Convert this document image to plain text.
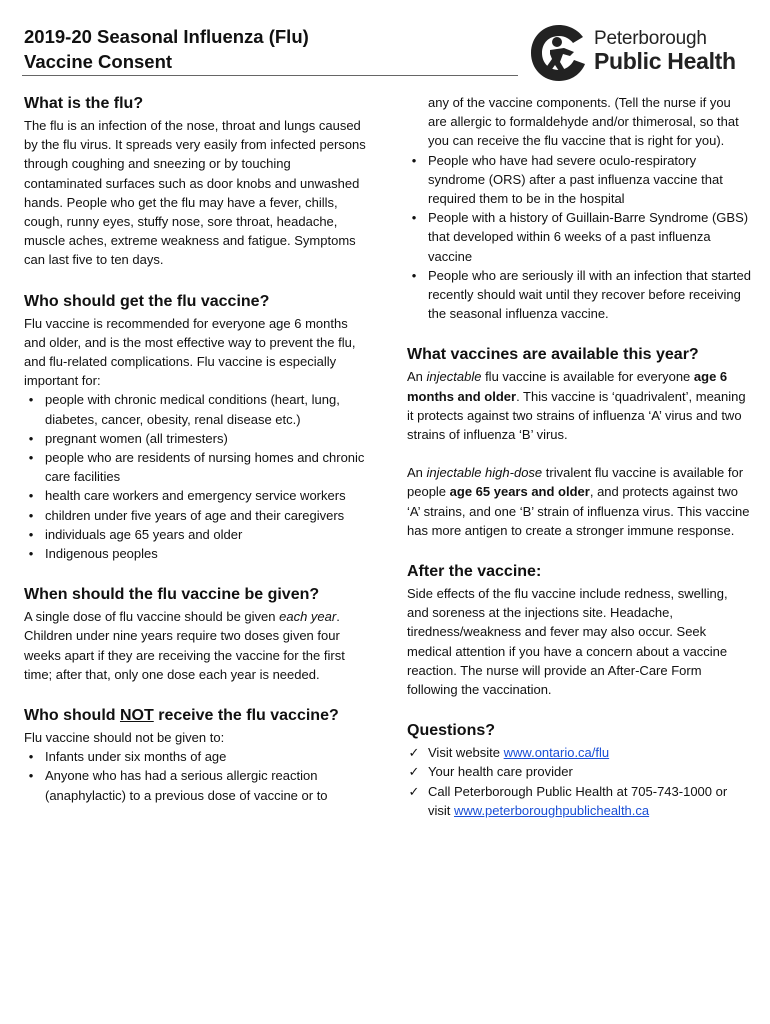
2019-20 Seasonal Influenza (Flu)
Vaccine Consent
Peterborough
Public Health
What is the flu?

The flu is an infection of the nose, throat and lungs caused by the flu virus. It spreads very easily from infected persons through coughing and sneezing or by touching contaminated surfaces such as door knobs and unwashed hands. People who get the flu may have a fever, chills, cough, runny eyes, stuffy nose, sore throat, headache, muscle aches, extreme weakness and fatigue. Symptoms can last five to ten days.

Who should get the flu vaccine?

Flu vaccine is recommended for everyone age 6 months and older, and is the most effective way to prevent the flu, and flu-related complications. Flu vaccine is especially important for:

• people with chronic medical conditions (heart, lung, diabetes, cancer, obesity, renal disease etc.)
• pregnant women (all trimesters)
• people who are residents of nursing homes and chronic care facilities
• health care workers and emergency service workers
• children under five years of age and their caregivers
• individuals age 65 years and older
• Indigenous peoples
When should the flu vaccine be given?

A single dose of flu vaccine should be given each year. Children under nine years require two doses given four weeks apart if they are receiving the vaccine for the first time; after that, only one dose each year is needed.

Who should NOT receive the flu vaccine?

Flu vaccine should not be given to:

• Infants under six months of age
• Anyone who has had a serious allergic reaction (anaphylactic) to a previous dose of vaccine or to

any of the vaccine components. (Tell the nurse if you are allergic to formaldehyde and/or thimerosal, so that you can receive the flu vaccine that is right for you).

• People who have had severe oculo-respiratory syndrome (ORS) after a past influenza vaccine that required them to be in the hospital
• People with a history of Guillain-Barre Syndrome (GBS) that developed within 6 weeks of a past influenza vaccine
• People who are seriously ill with an infection that started recently should wait until they recover before receiving the seasonal influenza vaccine.
What vaccines are available this year?

An injectable flu vaccine is available for everyone age 6 months and older. This vaccine is ‘quadrivalent’, meaning it protects against two strains of influenza ‘A’ virus and two strains of influenza ‘B’ virus.

An injectable high-dose trivalent flu vaccine is available for people age 65 years and older, and protects against two ‘A’ strains, and one ‘B’ strain of influenza virus. This vaccine has more antigen to create a stronger immune response.

After the vaccine:

Side effects of the flu vaccine include redness, swelling, and soreness at the injections site. Headache, tiredness/weakness and fever may also occur. Seek medical attention if you have a concern about a vaccine reaction. The nurse will provide an After-Care Form following the vaccination.

Questions?
✓ Visit website www.ontario.ca/flu
✓ Your health care provider
✓ Call Peterborough Public Health at 705-743-1000 or visit www.peterboroughpublichealth.ca
